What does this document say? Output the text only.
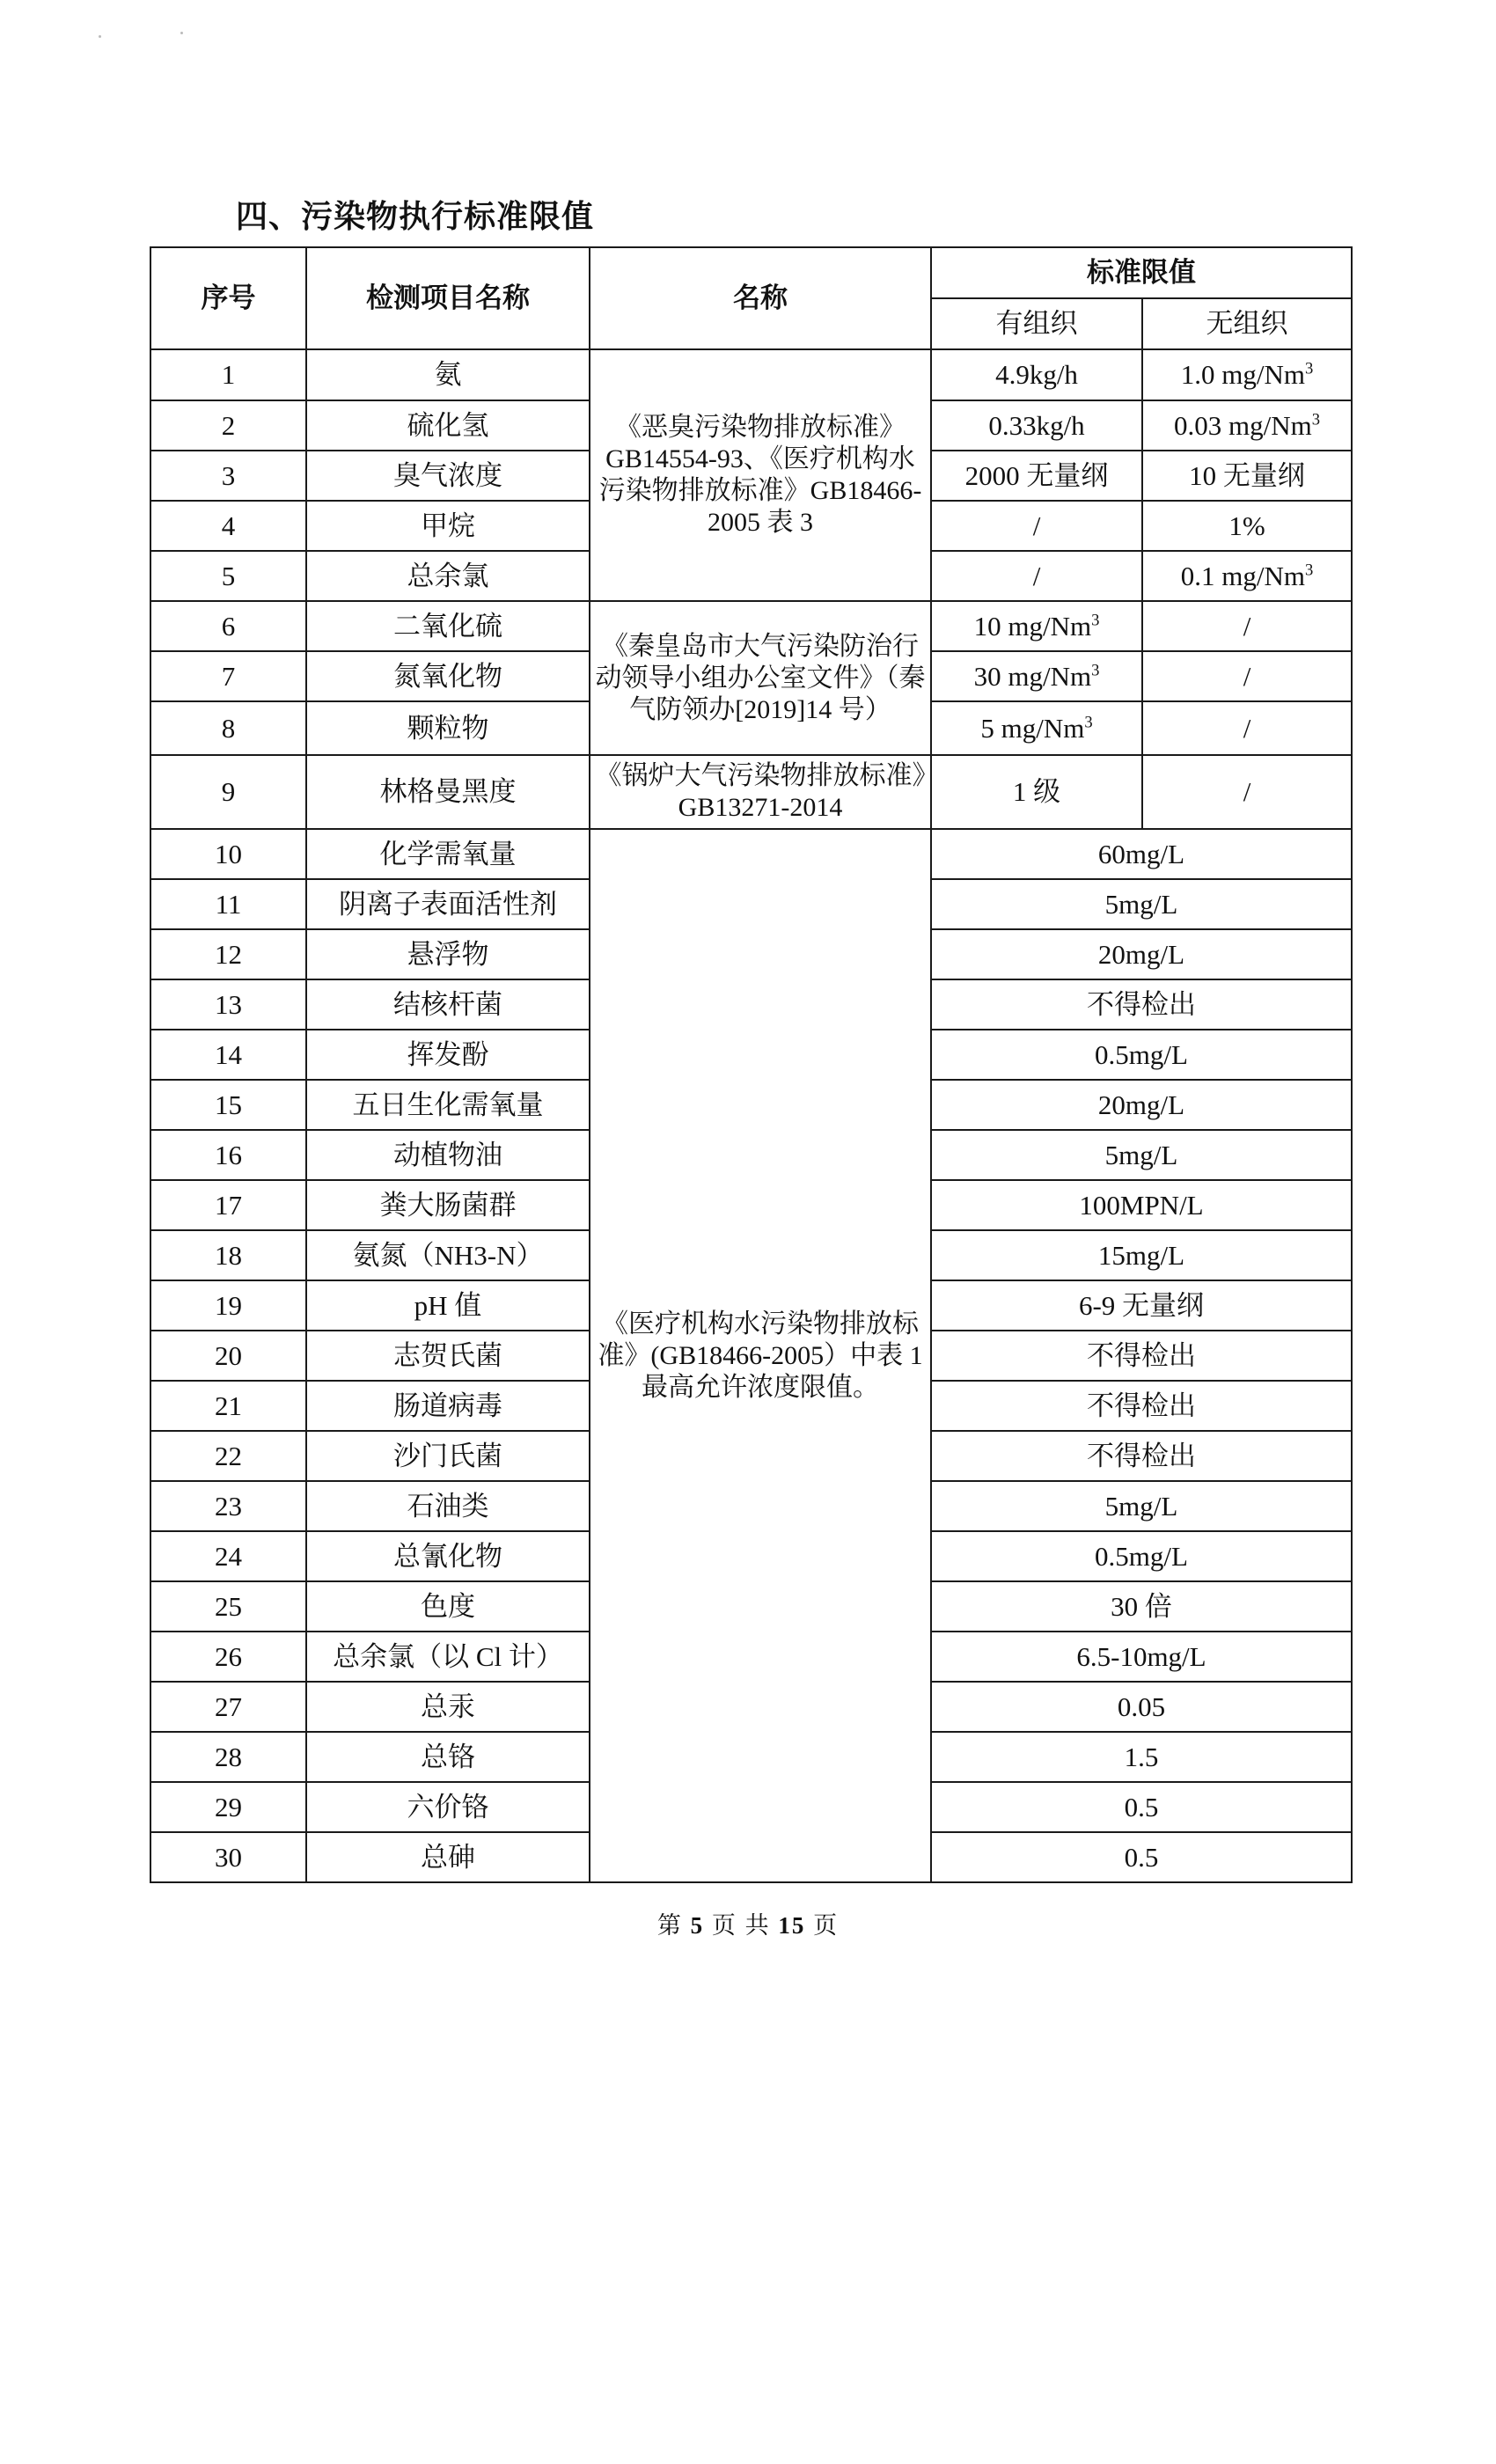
四、污染物执行标准限值
序号	检测项目名称	名称	标准限值	
			有组织	无组织
1	氨	《恶臭污染物排放标准》GB14554-93、《医疗机构水污染物排放标准》GB18466-2005 表 3	4.9kg/h	1.0 mg/Nm$^3$
2	硫化氢		0.33kg/h	0.03 mg/Nm$^3$
3	臭气浓度		2000 无量纲	10 无量纲
4	甲烷		/	1%
5	总余氯		/	0.1 mg/Nm$^3$
6	二氧化硫	《秦皇岛市大气污染防治行动领导小组办公室文件》（秦气防领办[2019]14 号）	10 mg/Nm$^3$	/
7	氮氧化物		30 mg/Nm$^3$	/
8	颗粒物		5 mg/Nm$^3$	/
9	林格曼黑度	《锅炉大气污染物排放标准》GB13271-2014	1 级	/
10	化学需氧量	《医疗机构水污染物排放标准》(GB18466-2005）中表 1 最高允许浓度限值。	60mg/L	
11	阴离子表面活性剂		5mg/L	
12	悬浮物		20mg/L	
13	结核杆菌		不得检出	
14	挥发酚		0.5mg/L	
15	五日生化需氧量		20mg/L	
16	动植物油		5mg/L	
17	粪大肠菌群		100MPN/L	
18	氨氮（NH3-N）		15mg/L	
19	pH 值		6-9 无量纲	
20	志贺氏菌		不得检出	
21	肠道病毒		不得检出	
22	沙门氏菌		不得检出	
23	石油类		5mg/L	
24	总氰化物		0.5mg/L	
25	色度		30 倍	
26	总余氯（以 Cl 计）		6.5-10mg/L	
27	总汞		0.05	
28	总铬		1.5	
29	六价铬		0.5	
30	总砷		0.5	
第 5 页 共 15 页
